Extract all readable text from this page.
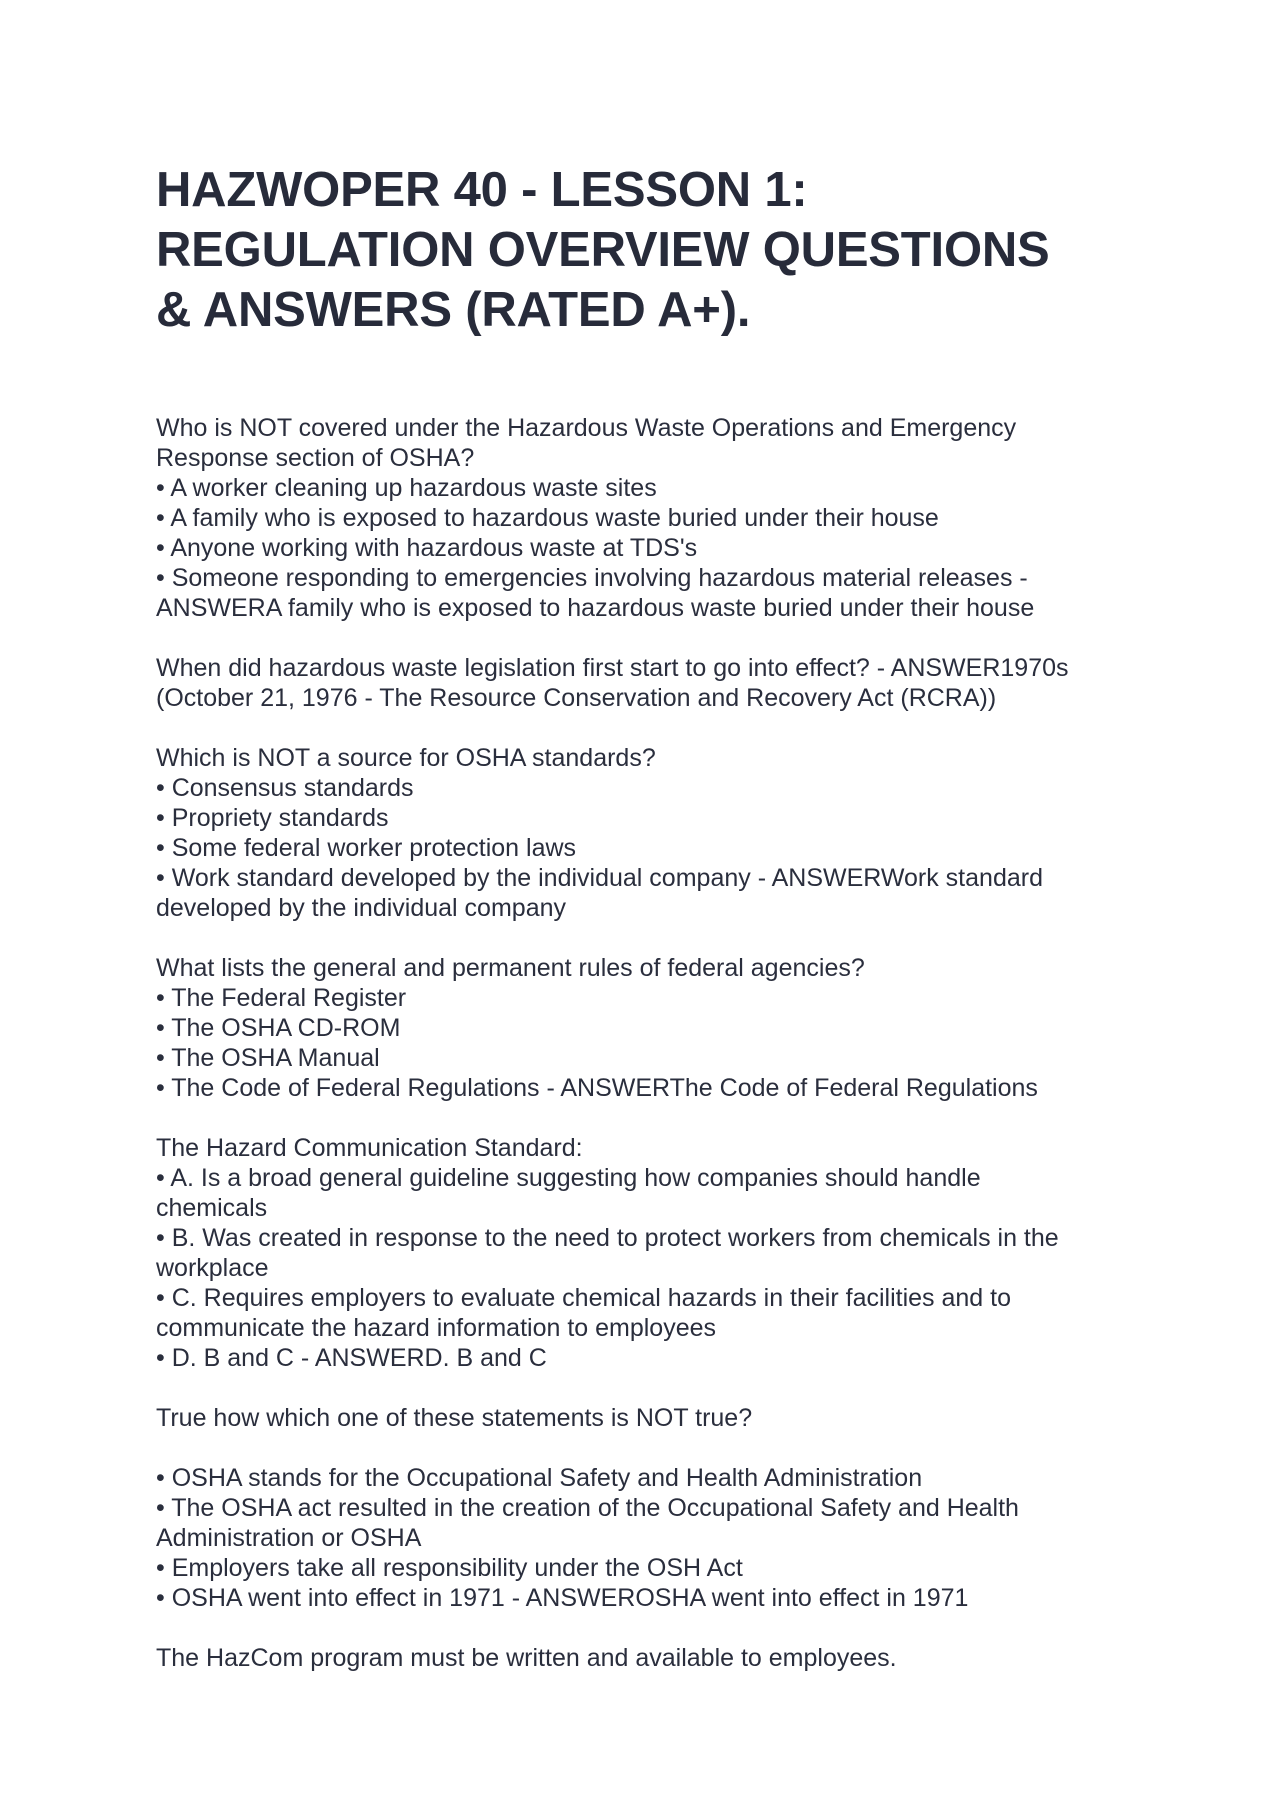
HAZWOPER 40 - LESSON 1:
REGULATION OVERVIEW QUESTIONS
& ANSWERS (RATED A+).
Who is NOT covered under the Hazardous Waste Operations and Emergency
Response section of OSHA?
• A worker cleaning up hazardous waste sites
• A family who is exposed to hazardous waste buried under their house
• Anyone working with hazardous waste at TDS's
• Someone responding to emergencies involving hazardous material releases -
ANSWERA family who is exposed to hazardous waste buried under their house
When did hazardous waste legislation first start to go into effect? - ANSWER1970s
(October 21, 1976 - The Resource Conservation and Recovery Act (RCRA))
Which is NOT a source for OSHA standards?
• Consensus standards
• Propriety standards
• Some federal worker protection laws
• Work standard developed by the individual company - ANSWERWork standard
developed by the individual company
What lists the general and permanent rules of federal agencies?
• The Federal Register
• The OSHA CD-ROM
• The OSHA Manual
• The Code of Federal Regulations - ANSWERThe Code of Federal Regulations
The Hazard Communication Standard:
• A. Is a broad general guideline suggesting how companies should handle
chemicals
• B. Was created in response to the need to protect workers from chemicals in the
workplace
• C. Requires employers to evaluate chemical hazards in their facilities and to
communicate the hazard information to employees
• D. B and C - ANSWERD. B and C
True how which one of these statements is NOT true?
• OSHA stands for the Occupational Safety and Health Administration
• The OSHA act resulted in the creation of the Occupational Safety and Health
Administration or OSHA
• Employers take all responsibility under the OSH Act
• OSHA went into effect in 1971 - ANSWEROSHA went into effect in 1971
The HazCom program must be written and available to employees.
